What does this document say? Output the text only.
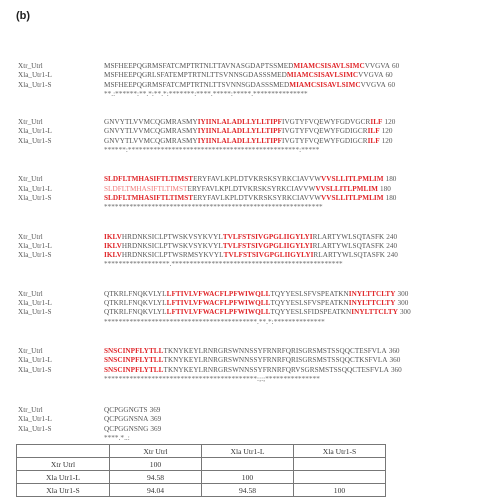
(b)
Xtr_Utrl	MSFHEEPQGRMSFATCMPTRTNLTTAVNASGDAPTSSMEDMIAMCSISAVLSIMCVVGVA 60
Xla_Utr1-L	MSFHEEPQGRLSFATEMPTRTNLTTSVNNSGDASSSMEDMIAMCSISAVLSIMCVVGVA 60
Xla_Utr1-S	MSFHEEPQGRMSFATCMPTRTNLTTSVNNSGDASSSMEDMIAMCSISAVLSIMCVVGVA 60
**.:******:**.*:**.*:*******:****.*****:*****.***************
Xtr_Utrl	GNVYTLVVMCQGMRASMYIYIINLALADLLYLLTIPFIVGTYFVQEWYFGDVGCRILF 120
Xla_Utr1-L	GNVYTLVVMCQGMRASMYIYIINLALADLLYLLTIPFIVGTYFVQEWYFGDIGCRILF 120
Xla_Utr1-S	GNVYTLVVMCQGMRASMYIYIINLALADLLYLLTIPFIVGTYFVQEWYFGDIGCRILF 120
******:***********************************************:*****
Xtr_Utrl	SLDFLTMHASIFTLTIMSTERYFAVLKPLDTVKRSKSYRKCIAVVWVVSLLITLPMLIM 180
Xla_Utr1-L	SLDFLTMHASIFTLTIMSTERYFAVLKPLDTVKRSKSYRKCIAVVWVVSLLITLPMLIM 180
Xla_Utr1-S	SLDFLTMHASIFTLTIMSTERYFAVLKPLDTVKRSKSYRKCIAVVWVVSLLITLPMLIM 180
************************************************************
Xtr_Utrl	IKLVHRDNKSICLPTWSKVSYKVYLTVLFSTSIVGPGLIIGYLYIRLARTYWLSQTASFK 240
Xla_Utr1-L	IKLVHRDNKSICLPTWSKVSYKVYLTVLFSTSIVGPGLIIGYLYIRLARTYWLSQTASFK 240
Xla_Utr1-S	IKLVHRDNKSICLPTWSRMSYKVYLTVLFSTSIVGPGLIIGYLYIRLARTYWLSQTASFK 240
******************.***********************************************
Xtr_Utrl	QTKRLFNQKVLYLLFTIVLVFWACFLPFWIWQLLTQYYESLSFVSPEATKNINYLTTCLTY 300
Xla_Utr1-L	QTKRLFNQKVLYLLFTIVLVFWACFLPFWIWQLLTQYYESLSFVSPEATKNINYLTTCLTY 300
Xla_Utr1-S	QTKRLFNQKVLYLLFTIVLVFWACFLPFWIWQLLTQYYESLSFIDSPEATKNINYLTTCLTY 300
******************************************.**.*:**************
Xtr_Utrl	SNSCINPFLYTLLTKNYKEYLRNRGRSWNNSSYFRNRFQRISGRSMSTSSQQCTESFVLA 360
Xla_Utr1-L	SNSCINPFLYTLLTKNYKEYLRNRGRSWNNSSYFRNRFQRISGRSMSTSSQQCTKSFVLA 360
Xla_Utr1-S	SNSCINPFLYTLLTKNYKEYLRNRGRSWNNSSYFRNRFQRVSGRSMSTSSQQCTESFVLA 360
******************************************:;:;***************
Xtr_Utrl	QCPGGNGTS 369
Xla_Utr1-L	QCPGGNSNA 369
Xla_Utr1-S	QCPGGNSNG 369
****.*..:
	Xtr Utrl	Xla Utr1-L	Xla Utr1-S
Xtr Utrl	100		
Xla Utr1-L	94.58	100	
Xla Utr1-S	94.04	94.58	100
